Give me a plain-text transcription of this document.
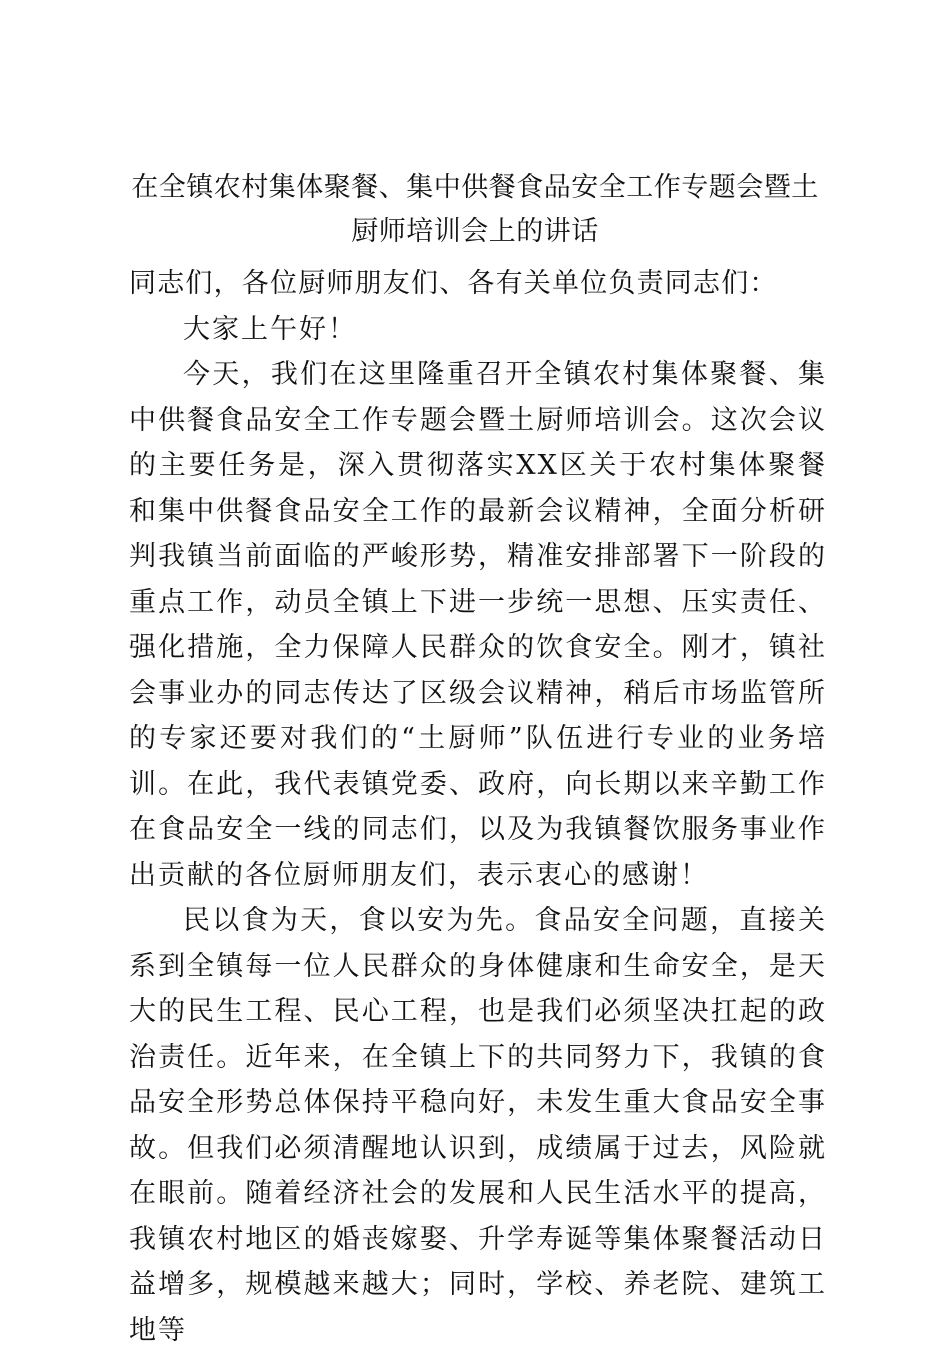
在全镇农村集体聚餐、集中供餐食品安全工作专题会暨土厨师培训会上的讲话

同志们，各位厨师朋友们、各有关单位负责同志们：

大家上午好！

今天，我们在这里隆重召开全镇农村集体聚餐、集中供餐食品安全工作专题会暨土厨师培训会。这次会议的主要任务是，深入贯彻落实XX区关于农村集体聚餐和集中供餐食品安全工作的最新会议精神，全面分析研判我镇当前面临的严峻形势，精准安排部署下一阶段的重点工作，动员全镇上下进一步统一思想、压实责任、强化措施，全力保障人民群众的饮食安全。刚才，镇社会事业办的同志传达了区级会议精神，稍后市场监管所的专家还要对我们的“土厨师”队伍进行专业的业务培训。在此，我代表镇党委、政府，向长期以来辛勤工作在食品安全一线的同志们，以及为我镇餐饮服务事业作出贡献的各位厨师朋友们，表示衷心的感谢！

民以食为天，食以安为先。食品安全问题，直接关系到全镇每一位人民群众的身体健康和生命安全，是天大的民生工程、民心工程，也是我们必须坚决扛起的政治责任。近年来，在全镇上下的共同努力下，我镇的食品安全形势总体保持平稳向好，未发生重大食品安全事故。但我们必须清醒地认识到，成绩属于过去，风险就在眼前。随着经济社会的发展和人民生活水平的提高，我镇农村地区的婚丧嫁娶、升学寿诞等集体聚餐活动日益增多，规模越来越大；同时，学校、养老院、建筑工地等
